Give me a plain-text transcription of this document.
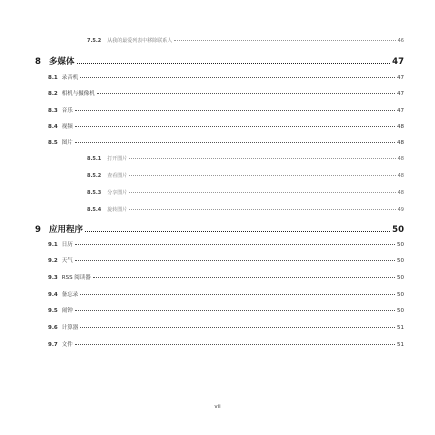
7.5.2	从我的最爱列表中移除联系人	46
8 多媒体	47
8.1 录音机	47
8.2 相机与摄像机	47
8.3 音乐	47
8.4 视频	48
8.5 图片	48
8.5.1	打开图片	48
8.5.2	查看图片	48
8.5.3	分享图片	48
8.5.4	旋转图片	49
9 应用程序	50
9.1 日历	50
9.2 天气	50
9.3 RSS 阅读器	50
9.4 备忘录	50
9.5 闹钟	50
9.6 计算器	51
9.7 文件	51
vii
